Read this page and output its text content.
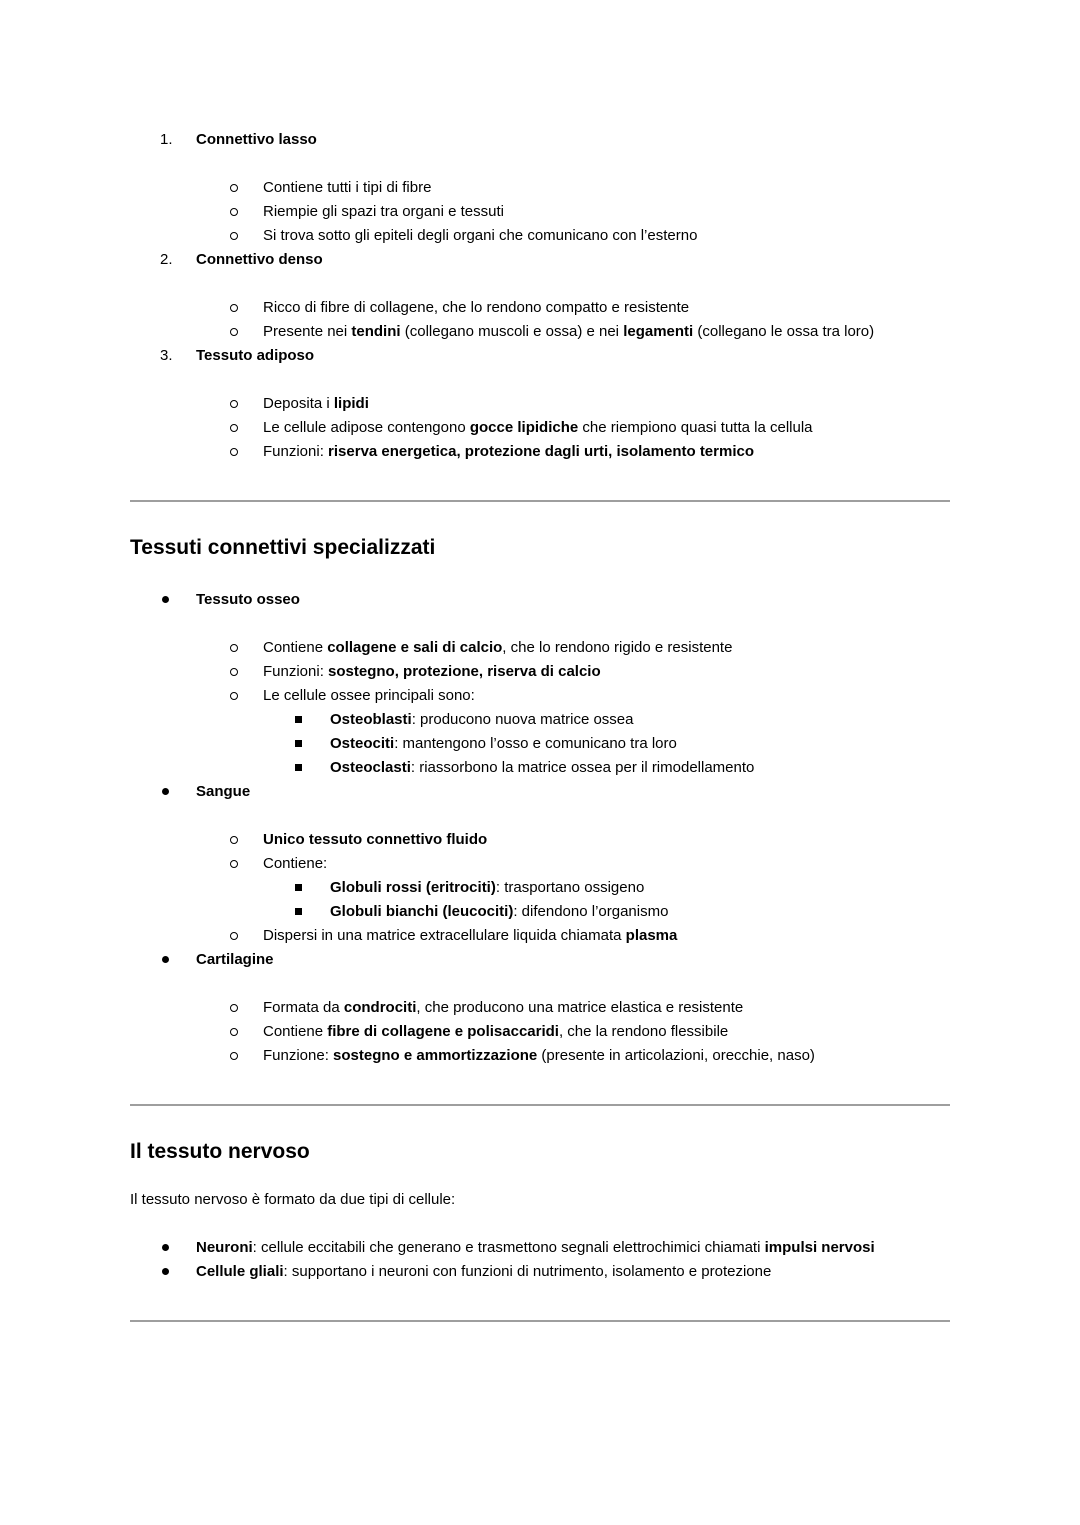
1.	Connettivo lasso
Contiene tutti i tipi di fibre
Riempie gli spazi tra organi e tessuti
Si trova sotto gli epiteli degli organi che comunicano con l’esterno
2.	Connettivo denso
Ricco di fibre di collagene, che lo rendono compatto e resistente
Presente nei tendini (collegano muscoli e ossa) e nei legamenti (collegano le ossa tra loro)
3.	Tessuto adiposo
Deposita i lipidi
Le cellule adipose contengono gocce lipidiche che riempiono quasi tutta la cellula
Funzioni: riserva energetica, protezione dagli urti, isolamento termico
Tessuti connettivi specializzati
Tessuto osseo
Contiene collagene e sali di calcio, che lo rendono rigido e resistente
Funzioni: sostegno, protezione, riserva di calcio
Le cellule ossee principali sono:
Osteoblasti: producono nuova matrice ossea
Osteociti: mantengono l’osso e comunicano tra loro
Osteoclasti: riassorbono la matrice ossea per il rimodellamento
Sangue
Unico tessuto connettivo fluido
Contiene:
Globuli rossi (eritrociti): trasportano ossigeno
Globuli bianchi (leucociti): difendono l’organismo
Dispersi in una matrice extracellulare liquida chiamata plasma
Cartilagine
Formata da condrociti, che producono una matrice elastica e resistente
Contiene fibre di collagene e polisaccaridi, che la rendono flessibile
Funzione: sostegno e ammortizzazione (presente in articolazioni, orecchie, naso)
Il tessuto nervoso

Il tessuto nervoso è formato da due tipi di cellule:

Neuroni: cellule eccitabili che generano e trasmettono segnali elettrochimici chiamati impulsi nervosi
Cellule gliali: supportano i neuroni con funzioni di nutrimento, isolamento e protezione
